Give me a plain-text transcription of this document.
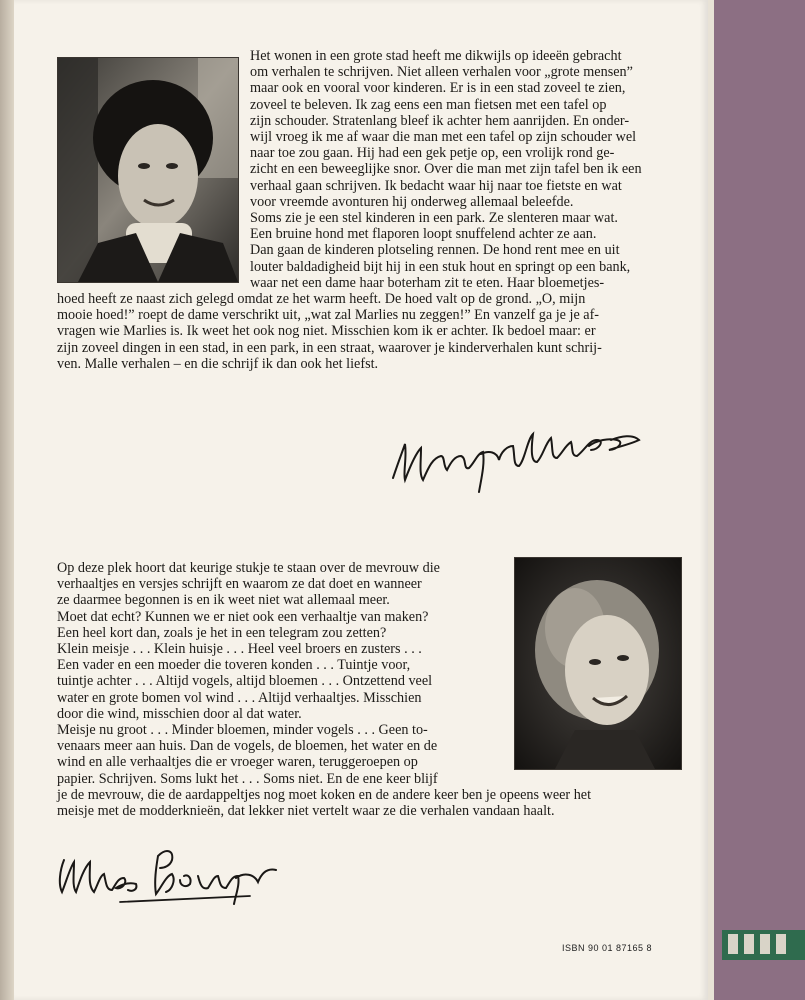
Het wonen in een grote stad heeft me dikwijls op ideeën gebracht
om verhalen te schrijven. Niet alleen verhalen voor „grote mensen”
maar ook en vooral voor kinderen. Er is in een stad zoveel te zien,
zoveel te beleven. Ik zag eens een man fietsen met een tafel op
zijn schouder. Stratenlang bleef ik achter hem aanrijden. En onder-
wijl vroeg ik me af waar die man met een tafel op zijn schouder wel
naar toe zou gaan. Hij had een gek petje op, een vrolijk rond ge-
zicht en een beweeglijke snor. Over die man met zijn tafel ben ik een
verhaal gaan schrijven. Ik bedacht waar hij naar toe fietste en wat
voor vreemde avonturen hij onderweg allemaal beleefde.
Soms zie je een stel kinderen in een park. Ze slenteren maar wat.
Een bruine hond met flaporen loopt snuffelend achter ze aan.
Dan gaan de kinderen plotseling rennen. De hond rent mee en uit
louter baldadigheid bijt hij in een stuk hout en springt op een bank,
waar net een dame haar boterham zit te eten. Haar bloemetjes-
hoed heeft ze naast zich gelegd omdat ze het warm heeft. De hoed valt op de grond. „O, mijn
mooie hoed!” roept de dame verschrikt uit, „wat zal Marlies nu zeggen!” En vanzelf ga je je af-
vragen wie Marlies is. Ik weet het ook nog niet. Misschien kom ik er achter. Ik bedoel maar: er
zijn zoveel dingen in een stad, in een park, in een straat, waarover je kinderverhalen kunt schrij-
ven. Malle verhalen – en die schrijf ik dan ook het liefst.
Op deze plek hoort dat keurige stukje te staan over de mevrouw die
verhaaltjes en versjes schrijft en waarom ze dat doet en wanneer
ze daarmee begonnen is en ik weet niet wat allemaal meer.
Moet dat echt? Kunnen we er niet ook een verhaaltje van maken?
Een heel kort dan, zoals je het in een telegram zou zetten?
Klein meisje . . . Klein huisje . . . Heel veel broers en zusters . . .
Een vader en een moeder die toveren konden . . . Tuintje voor,
tuintje achter . . . Altijd vogels, altijd bloemen . . . Ontzettend veel
water en grote bomen vol wind . . . Altijd verhaaltjes. Misschien
door die wind, misschien door al dat water.
Meisje nu groot . . . Minder bloemen, minder vogels . . . Geen to-
venaars meer aan huis. Dan de vogels, de bloemen, het water en de
wind en alle verhaaltjes die er vroeger waren, teruggeroepen op
papier. Schrijven. Soms lukt het . . . Soms niet. En de ene keer blijf
je de mevrouw, die de aardappeltjes nog moet koken en de andere keer ben je opeens weer het
meisje met de modderknieën, dat lekker niet vertelt waar ze die verhalen vandaan haalt.
ISBN 90 01 87165 8
